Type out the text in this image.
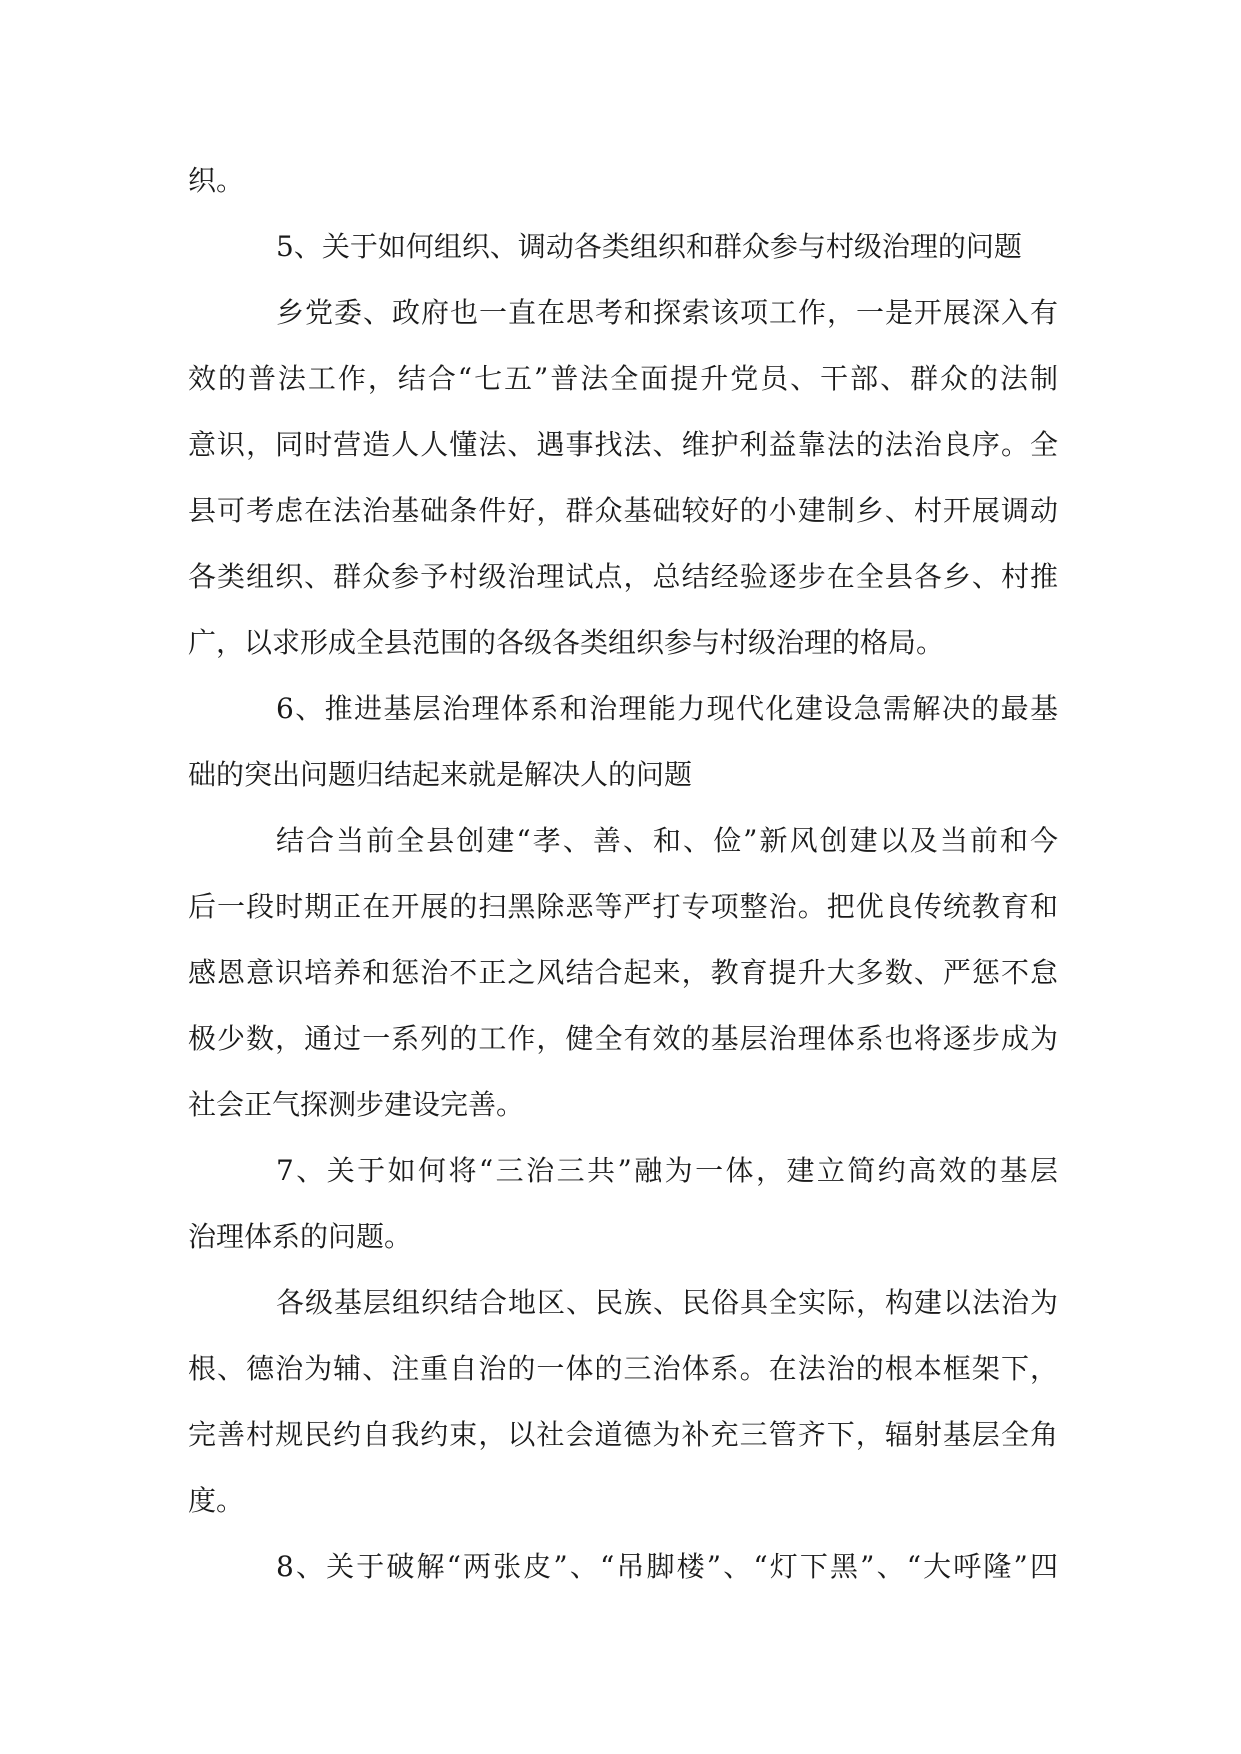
织。
5、关于如何组织、调动各类组织和群众参与村级治理的问题
乡党委、政府也一直在思考和探索该项工作，一是开展深入有
效的普法工作，结合“七五”普法全面提升党员、干部、群众的法制
意识，同时营造人人懂法、遇事找法、维护利益靠法的法治良序。全
县可考虑在法治基础条件好，群众基础较好的小建制乡、村开展调动
各类组织、群众参予村级治理试点，总结经验逐步在全县各乡、村推
广，以求形成全县范围的各级各类组织参与村级治理的格局。
6、推进基层治理体系和治理能力现代化建设急需解决的最基
础的突出问题归结起来就是解决人的问题
结合当前全县创建“孝、善、和、俭”新风创建以及当前和今
后一段时期正在开展的扫黑除恶等严打专项整治。把优良传统教育和
感恩意识培养和惩治不正之风结合起来，教育提升大多数、严惩不怠
极少数，通过一系列的工作，健全有效的基层治理体系也将逐步成为
社会正气探测步建设完善。
7、关于如何将“三治三共”融为一体，建立简约高效的基层
治理体系的问题。
各级基层组织结合地区、民族、民俗具全实际，构建以法治为
根、德治为辅、注重自治的一体的三治体系。在法治的根本框架下，
完善村规民约自我约束，以社会道德为补充三管齐下，辐射基层全角
度。
8、关于破解“两张皮”、“吊脚楼”、“灯下黑”、“大呼隆”四
